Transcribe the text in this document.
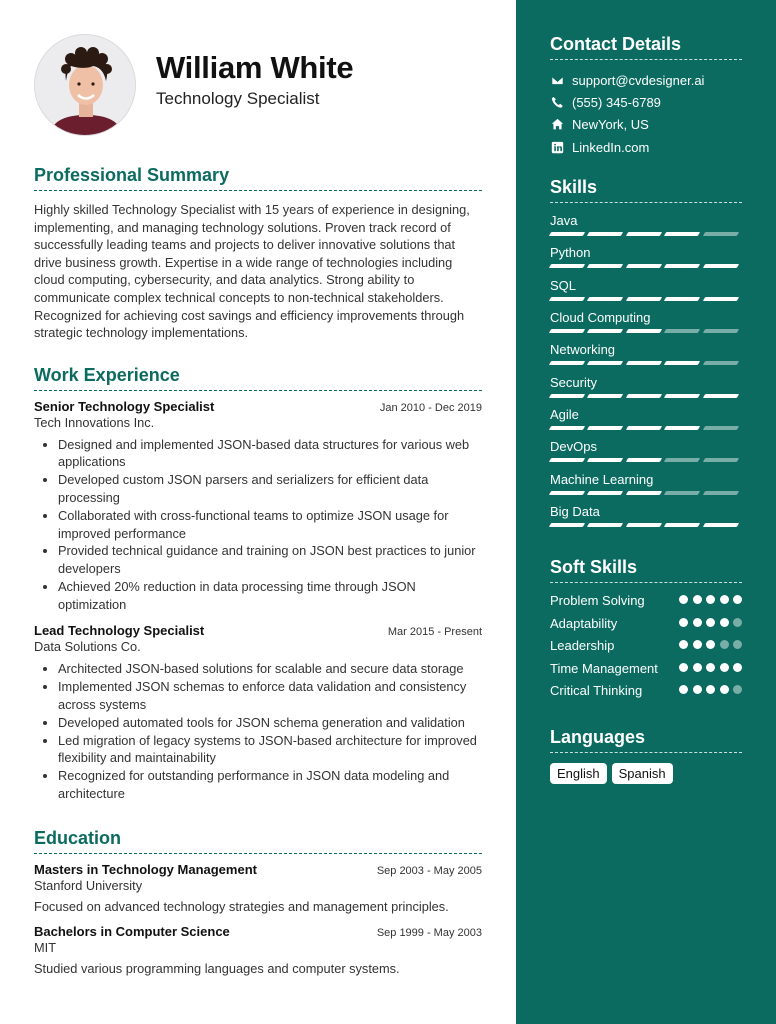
William White
Technology Specialist
Professional Summary

Highly skilled Technology Specialist with 15 years of experience in designing, implementing, and managing technology solutions. Proven track record of successfully leading teams and projects to deliver innovative solutions that drive business growth. Expertise in a wide range of technologies including cloud computing, cybersecurity, and data analytics. Strong ability to communicate complex technical concepts to non-technical stakeholders. Recognized for achieving cost savings and efficiency improvements through strategic technology implementations.

Work Experience
Senior Technology Specialist	Jan 2010 - Dec 2019
Tech Innovations Inc.
• Designed and implemented JSON-based data structures for various web applications
• Developed custom JSON parsers and serializers for efficient data processing
• Collaborated with cross-functional teams to optimize JSON usage for improved performance
• Provided technical guidance and training on JSON best practices to junior developers
• Achieved 20% reduction in data processing time through JSON optimization
Lead Technology Specialist	Mar 2015 - Present
Data Solutions Co.
• Architected JSON-based solutions for scalable and secure data storage
• Implemented JSON schemas to enforce data validation and consistency across systems
• Developed automated tools for JSON schema generation and validation
• Led migration of legacy systems to JSON-based architecture for improved flexibility and maintainability
• Recognized for outstanding performance in JSON data modeling and architecture
Education
Masters in Technology Management	Sep 2003 - May 2005
Stanford University
Focused on advanced technology strategies and management principles.
Bachelors in Computer Science	Sep 1999 - May 2003
MIT
Studied various programming languages and computer systems.
Contact Details
support@cvdesigner.ai
(555) 345-6789
NewYork, US
LinkedIn.com
Skills
Java
Python
SQL
Cloud Computing
Networking
Security
Agile
DevOps
Machine Learning
Big Data
Soft Skills
Problem Solving
Adaptability
Leadership
Time Management
Critical Thinking
Languages
English	Spanish
